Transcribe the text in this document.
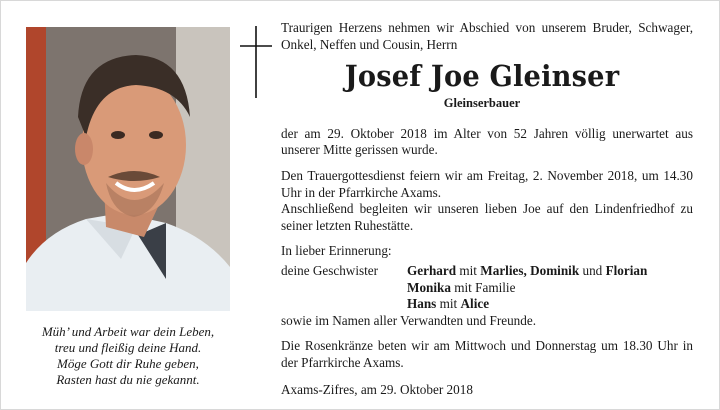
Müh’ und Arbeit war dein Leben,
treu und fleißig deine Hand.
Möge Gott dir Ruhe geben,
Rasten hast du nie gekannt.
Traurigen Herzens nehmen wir Abschied von unserem Bruder, Schwager, Onkel, Neffen und Cousin, Herrn
Josef Joe Gleinser
Gleinserbauer
der am 29. Oktober 2018 im Alter von 52 Jahren völlig unerwartet aus unserer Mitte gerissen wurde.
Den Trauergottesdienst feiern wir am Freitag, 2. November 2018, um 14.30 Uhr in der Pfarrkirche Axams.
Anschließend begleiten wir unseren lieben Joe auf den Lindenfriedhof zu seiner letzten Ruhestätte.
In lieber Erinnerung:
deine Geschwister	Gerhard mit Marlies, Dominik und Florian
Monika mit Familie
Hans mit Alice
sowie im Namen aller Verwandten und Freunde.
Die Rosenkränze beten wir am Mittwoch und Donnerstag um 18.30 Uhr in der Pfarrkirche Axams.
Axams-Zifres, am 29. Oktober 2018
